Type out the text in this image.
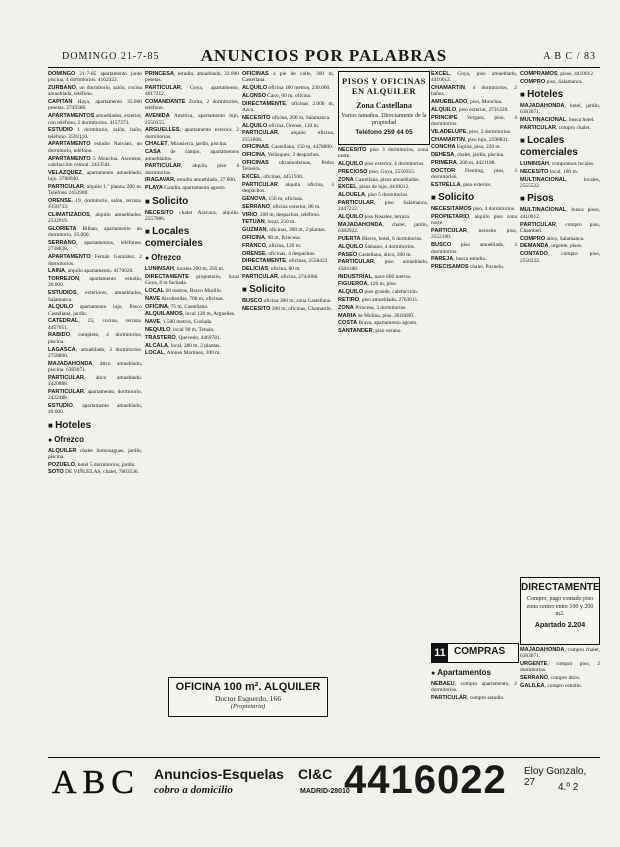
DOMINGO 21-7-85	ANUNCIOS POR PALABRAS	A B C / 83
DOMINGO 21-7-85 apartamento junto piscina, 4 dormitorios. 4162422.
ZURBANO, un dormitorio, salón, cocina amueblada, teléfono.
CAPITAN Haya, apartamento 35.000 pesetas. 2749388.
APARTAMENTOS amueblados, exterior, con teléfono, 2 dormitorios. 4157373.
ESTUDIO 1 dormitorio, salón, baño, teléfono. 2592110.
APARTAMENTO estudio Narváez, un dormitorio, teléfono.
APARTAMENTO 5 Moncloa. Ascensor, calefacción central. 2433541.
VELAZQUEZ, apartamento amueblado, lujo. 2760040.
PARTICULAR, alquilo 1.º planta, 200 m. Teléfono 2453900.
ORENSE, 19, dormitorio, salón, terraza. 4158733.
CLIMATIZADOS, alquilo amueblados. 2532919.
GLORIETA Bilbao, apartamento un dormitorio, 35.000.
SERRANO, apartamentos, teléfonos. 2738838.
APARTAMENTO Fernán González, 2 dormitorios.
LAINA, alquilo apartamento. 4170020.
TORREJON, apartamento estudio, 20.000.
ESTUDIOS, exteriores, amueblados, Salamanca.
ALQUILO apartamento lujo, Pasco Castellana, jardín.
CATEDRAL, 25, cocina, terraza. 4457051.
RABIDO, completo, 4 dormitorios, piscina.
LAGASCA, amueblado, 3 dormitorios. 2758800.
MAJADAHONDA, ático amueblado, piscina. 6383071.
PARTICULAR, ático amueblado. 4420888.
PARTICULAR, apartamento, dormitorio. 2422488.
ESTUDIO, apartamento amueblado, 40.000.
■ Hoteles
● Ofrezco
ALQUILER chalet Somosaguas, jardín, piscina.
POZUELO, hotel 5 dormitorios, jardín.
SOTO DE VIÑUELAS, chalet, 7803536.
PRINCESA, estudio, amueblado, 32.000 pesetas.
PARTICULAR, Goya, apartamento, 4017212.
COMANDANTE Zorita, 2 dormitorios, teléfono.
AVENIDA América, apartamento lujo, 2550355.
ARGUELLES, apartamento exterior, 2 dormitorios.
CHALET, Mirasierra, jardín, piscina.
CASA de campo, apartamentos amueblados.
PARTICULAR, alquilo piso 4 dormitorios.
IRAGAVAR, estudio amueblado, 27.000.
PLAYA Gandía, apartamento agosto.
■ Solicito
NECESITO chalet Aravaca, alquilo. 2557986.
■ Locales comerciales
● Ofrezco
LUNINSAH, locales 200 m, 250 m.
DIRECTAMENTE propietario, local Goya, 8 m fachada.
LOCAL 60 metros, Bravo Murillo.
NAVE Alcobendas, 700 m, oficinas.
OFICINA, 75 m, Castellana.
ALQUILAMOS, local 120 m, Arguelles.
NAVE, 1.500 metros, Coslada.
NEQUILO, local 90 m, Tetuán.
TRASTERO, Quevedo, 4469781.
ALCALA, local, 280 m, 2 plantas.
LOCAL, Alonso Martínez, 100 m.
OFICINAS a pie de calle, 300 m, Castellana.
ALQUILO oficina 180 metros, 230.000.
ALONSO Cano, 60 m, oficina.
DIRECTAMENTE, oficinas 2.000 m, Azca.
NECESITO oficina, 200 m, Salamanca.
ALQUILO oficina, Orense, 120 m.
PARTICULAR, alquilo oficina, 2551808.
OFICINAS, Castellana, 150 m, 4478800.
OFICINA, Velázquez, 2 despachos.
OFICINAS ultramodernas, Pedro Teixeira.
EXCEL, oficinas, 4451930.
PARTICULAR alquila oficina, 3 despachos.
GENOVA, 150 m, oficinas.
SERRANO, oficina exterior, 80 m.
VIRIO, 200 m, despachos, teléfono.
TETUAN, local, 250 m.
GUZMAN, oficinas, 300 m, 2 plantas.
OFICINA, 90 m, Princesa.
FRANCO, oficina, 120 m.
ORENSE, oficinas, 4 despachos.
DIRECTAMENTE, oficinas, 2558422.
DELICIAS, oficina, 80 m.
PARTICULAR, oficina, 2743008.
■ Solicito
BUSCO oficina 300 m, zona Castellana.
NECESITO 200 m, oficinas, Chamartín.
NECESITO piso 3 dormitorios, zona norte.
ALQUILO piso exterior, 4 dormitorios.
PRECIOSO piso, Goya, 2550355.
ZONA Castellana, pisos amueblados.
EXCEL, pisos de lujo, 4410012.
ALOUELA, piso 5 dormitorios.
PARTICULAR, piso Salamanca, 2447222.
ALQUILO piso Rosales, terraza.
MAJADAHONDA, chalet, jardín, 6382922.
PUERTA Hierro, hotel, 6 dormitorios.
ALQUILO Sámano, 4 dormitorios.
PASEO Castellana, ático, 200 m.
PARTICULAR, piso amueblado, 4584188.
INDUSTRIAL, nave 600 metros.
FIGUEROA, 120 m, piso.
ALQUILO piso grande, calefacción.
RETIRO, piso amueblado, 2763611.
ZONA Princesa, 3 dormitorios.
MARIA de Molina, piso, 2616690.
COSTA Brava, apartamento agosto.
SANTANDER, piso verano.
EXCEL, Goya, piso amueblado, 4410012.
CHAMARTIN, 4 dormitorios, 2 baños.
AMUEBLADO, piso, Moncloa.
ALQUILO, piso exterior, 2731220.
PRINCIPE Vergara, piso, 4 dormitorios.
VILADELUPE, piso, 2 dormitorios.
CHAMARTIN, piso lujo, 2598831.
CONCHA Espina, piso, 220 m.
DEHESA, chalet, jardín, piscina.
PRIMERA, 200 m, 4421188.
DOCTOR Fleming, piso, 3 dormitorios.
ESTRELLA, piso exterior.
■ Solicito
NECESITAMOS piso, 4 dormitorios.
PROPIETARIO, alquilo piso zona norte.
PARTICULAR, necesito piso, 2552100.
BUSCO piso amueblado, 3 dormitorios.
PAREJA, busca estudio.
PRECISAMOS chalet, Pozuelo.
● Apartamentos
NEBAEU, compro apartamento, 2 dormitorios.
PARTICULAR, compro estudio.
COMPRAMOS, pisos, 4410012.
COMPRO piso, Salamanca.
■ Hoteles
MAJADAHONDA, hotel, jardín, 6383071.
MULTINACIONAL, busca hotel.
PARTICULAR, compro chalet.
■ Locales comerciales
LUNINSAH, compramos locales.
NECESITO local, 100 m.
MULTINACIONAL, locales, 2555522.
■ Pisos
MULTINACIONAL, busca pisos, 4410012.
PARTICULAR, compro piso, Chamberí.
COMPRO ático, Salamanca.
DEMANDA, urgente, pisos.
CONTADO, compro piso, 2556222.
MAJADAHONDA, compro chalet, 6383071.
URGENTE, compro piso, 2 dormitorios.
SERRANO, compro ático.
GALILEA, compro estudio.
PISOS Y OFICINAS EN ALQUILER
Zona Castellana
Varios tamaños. Directamente de la propiedad
Teléfono 259 44 05
DIRECTAMENTE
Compro, pago contado piso zona centro entre 100 y 200 m2.
Apartado 2.204
11 COMPRAS
OFICINA 100 m². ALQUILER
Doctor Esquerdo, 166
(Propietario)
ABC Anuncios-Esquelas
cobro a domicilio
Cl&C
MADRID-28010
4416022 Eloy Gonzalo, 27	4.º 2
